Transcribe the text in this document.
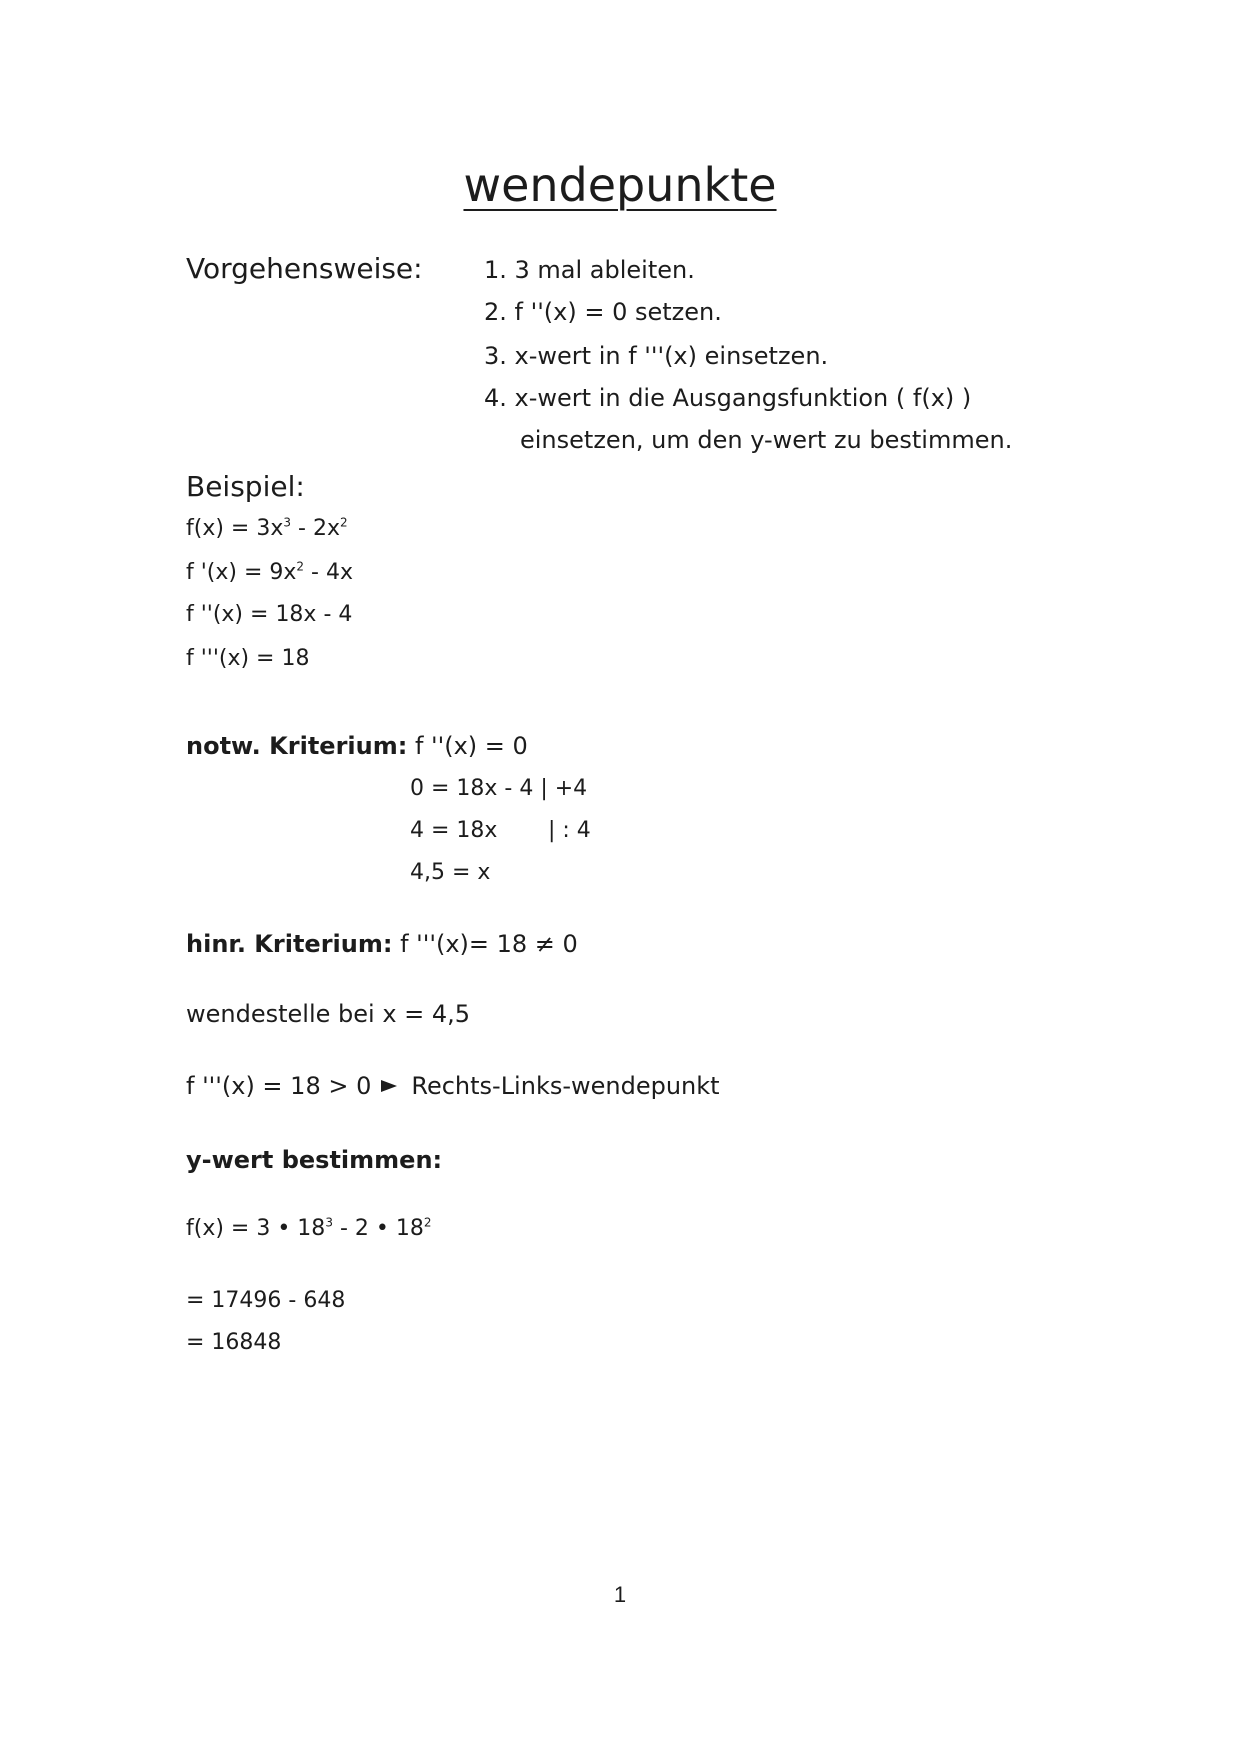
wendepunkte
Vorgehensweise:	1. 3 mal ableiten.
2. f ''(x) = 0 setzen.
3. x-wert in f '''(x) einsetzen.
4. x-wert in die Ausgangsfunktion ( f(x) )
einsetzen, um den y-wert zu bestimmen.
Beispiel:
$f(x) = 3x^3 - 2x^2$
f '$(x) = 9x^2 - 4x$
f ''(x) = 18x - 4
f '''(x) = 18
notw. Kriterium: f ''(x) = 0
0 = 18x - 4 | +4
4 = 18x | : 4
4,5 = x
hinr. Kriterium: f '''(x)= 18 ≠ 0
wendestelle bei x = 4,5
f '''(x) = 18 > 0 Rechts-Links-wendepunkt
y-wert bestimmen:
f(x) = 3 • $18^3 - 2$ • $18^2$
= 17496 - 648
= 16848
1
